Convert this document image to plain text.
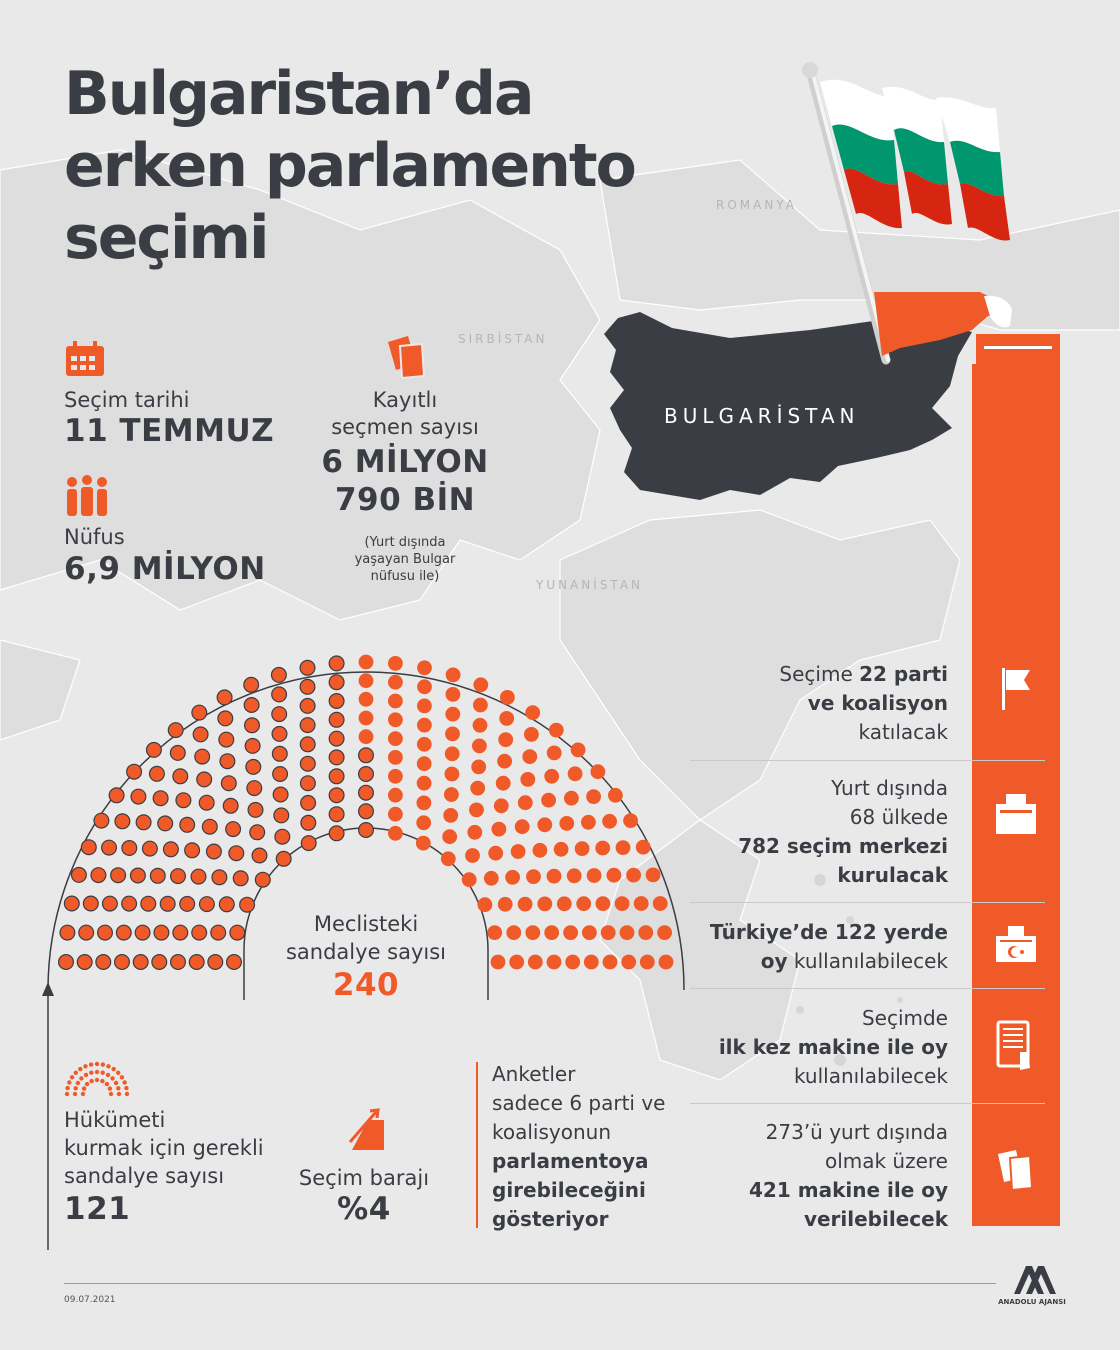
Bulgaristan’da
erken parlamento
seçimi	ROMANYA
SIRBİSTAN
YUNANİSTAN
BULGARİSTAN
Seçim tarihi
11 TEMMUZ
Nüfus
6,9 MİLYON
Kayıtlı
seçmen sayısı
6 MİLYON
790 BİN
(Yurt dışında
yaşayan Bulgar
nüfusu ile)
Meclisteki
sandalye sayısı
240
Hükümeti
kurmak için gerekli
sandalye sayısı
121
Seçim barajı
%4
Anketler
sadece 6 parti ve
koalisyonun
parlamentoya
girebileceğini
gösteriyor
Seçime 22 parti
ve koalisyon
katılacak
Yurt dışında
68 ülkede
782 seçim merkezi
kurulacak
Türkiye’de 122 yerde
oy kullanılabilecek
Seçimde
ilk kez makine ile oy
kullanılabilecek
273’ü yurt dışında
olmak üzere
421 makine ile oy
verilebilecek
09.07.2021	ANADOLU AJANSI
